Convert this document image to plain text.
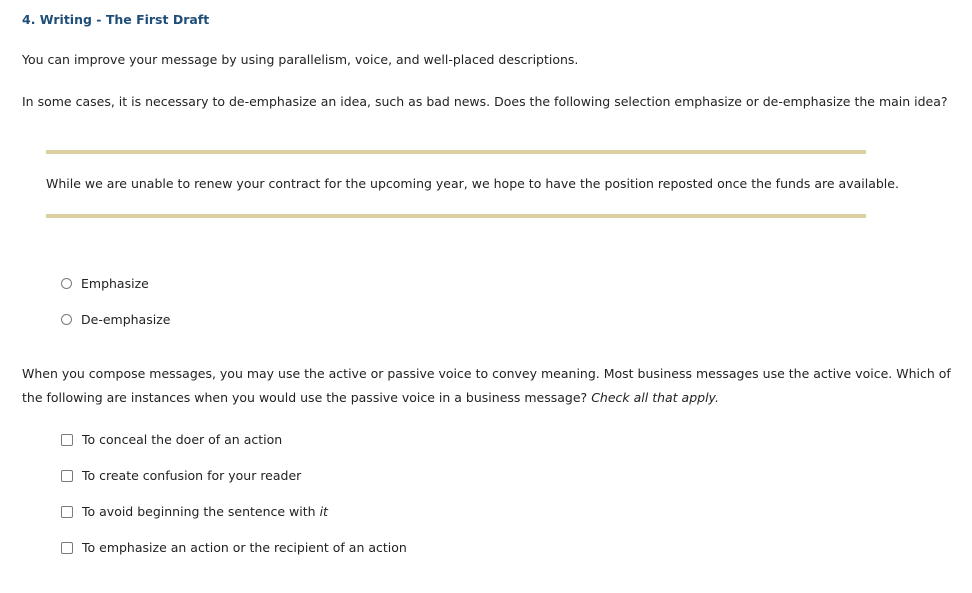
4. Writing - The First Draft

You can improve your message by using parallelism, voice, and well-placed descriptions.

In some cases, it is necessary to de-emphasize an idea, such as bad news. Does the following selection emphasize or de-emphasize the main idea?

While we are unable to renew your contract for the upcoming year, we hope to have the position reposted once the funds are available.

Emphasize
De-emphasize

When you compose messages, you may use the active or passive voice to convey meaning. Most business messages use the active voice. Which of the following are instances when you would use the passive voice in a business message? Check all that apply.

To conceal the doer of an action
To create confusion for your reader
To avoid beginning the sentence with it
To emphasize an action or the recipient of an action
